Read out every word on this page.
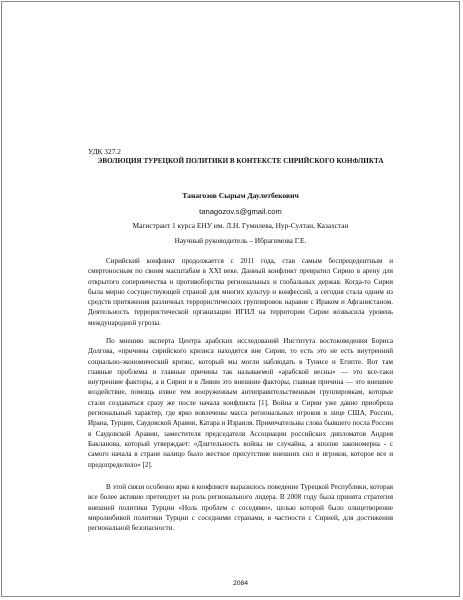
УДК 327.2
ЭВОЛЮЦИЯ ТУРЕЦКОЙ ПОЛИТИКИ В КОНТЕКСТЕ СИРИЙСКОГО КОНФЛИКТА
Танагозов Сырым Даулетбекович
tanagozov.s@gmail.com
Магистрант 1 курса ЕНУ им. Л.Н. Гумилева, Нур-Султан, Казахстан
Научный руководитель – Ибрагимова Г.Е.

Сирийский конфликт продолжается с 2011 года, став самым беспрецедентным и смертоносным по своим масштабам в XXI веке. Данный конфликт превратил Сирию в арену для открытого соперничества и противоборства региональных и глобальных держав. Когда-то Сирия была мирно сосуществующей страной для многих культур и конфессий, а сегодня стала одним из средств притяжения различных террористических группировок наравне с Ираком и Афганистаном. Деятельность террористической организации ИГИЛ на территории Сирии возвысила уровень международной угрозы.

По мнению эксперта Центра арабских исследований Института востоковедения Бориса Долгова, «причины сирийского кризиса находятся вне Сирии, то есть это не есть внутренний социально-экономический кризис, который мы могли наблюдать в Тунисе и Египте. Вот там главные проблемы и главные причины так называемой «арабской весны» — это все-таки внутренние факторы, а в Сирии и в Ливии это внешние факторы, главная причина — это внешнее воздействие, помощь извне тем вооруженным антиправительственным группировкам, которые стали создаваться сразу же после начала конфликта [1]. Война в Сирии уже давно приобрела региональный характер, где ярко вовлечены масса региональных игроков в лице США, России, Ирана, Турции, Саудовской Аравии, Катара и Израиля. Примечательны слова бывшего посла России в Саудовской Аравии, заместителя председателя Ассоциации российских дипломатов Андрея Бакланова, который утверждает: «Длительность войны не случайна, а вполне закономерна - с самого начала в стране налицо было жесткое присутствие внешних сил и игроков, которое все и предопределило» [2].

В этой связи особенно ярко в конфликте выразилось поведение Турецкой Республики, которая все более активно претендует на роль регионального лидера. В 2008 году была принята стратегия внешней политики Турции «Ноль проблем с соседями», целью которой было олицетворение миролюбивой политики Турции с соседними странами, в частности с Сирией, для достижения региональной безопасности.

2084
